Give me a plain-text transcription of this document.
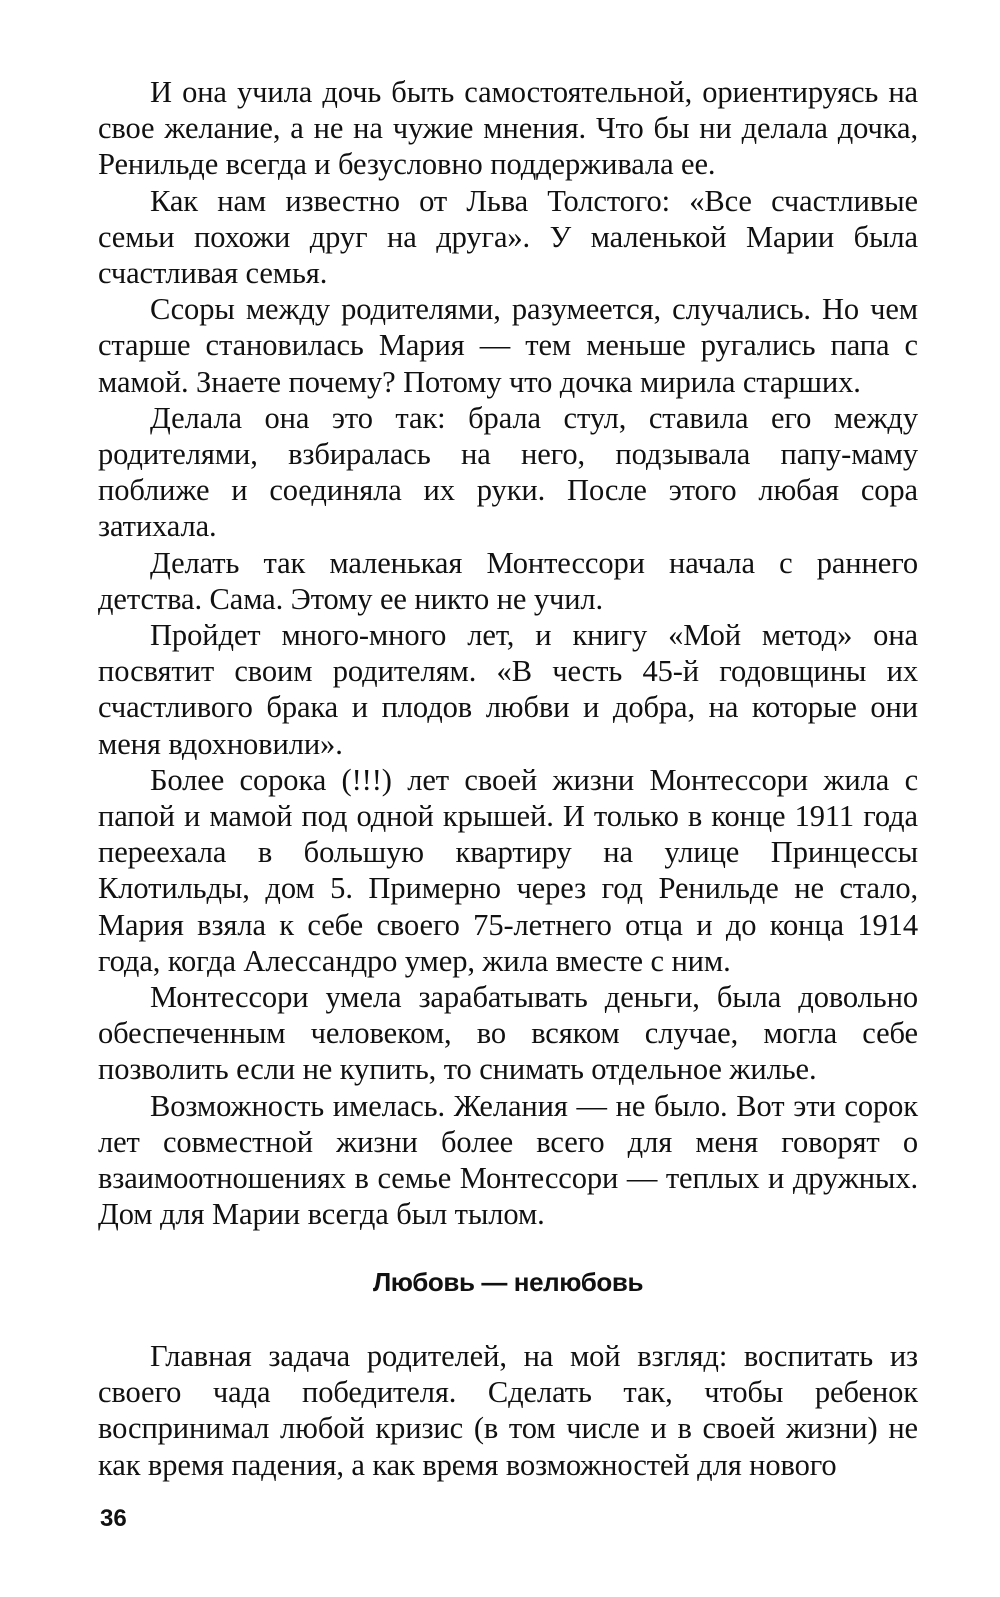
И она учила дочь быть самостоятельной, ориентируясь на свое желание, а не на чужие мнения. Что бы ни делала дочка, Ренильде всегда и безусловно поддерживала ее.

Как нам известно от Льва Толстого: «Все счастливые семьи похожи друг на друга». У маленькой Марии была счастливая семья.

Ссоры между родителями, разумеется, случались. Но чем старше становилась Мария — тем меньше ругались папа с мамой. Знаете почему? Потому что дочка мирила старших.

Делала она это так: брала стул, ставила его между родителями, взбиралась на него, подзывала папу-маму поближе и соединяла их руки. После этого любая сора затихала.

Делать так маленькая Монтессори начала с раннего детства. Сама. Этому ее никто не учил.

Пройдет много-много лет, и книгу «Мой метод» она посвятит своим родителям. «В честь 45-й годовщины их счастливого брака и плодов любви и добра, на которые они меня вдохновили».

Более сорока (!!!) лет своей жизни Монтессори жила с папой и мамой под одной крышей. И только в конце 1911 года переехала в большую квартиру на улице Принцессы Клотильды, дом 5. Примерно через год Ренильде не стало, Мария взяла к себе своего 75-летнего отца и до конца 1914 года, когда Алессандро умер, жила вместе с ним.

Монтессори умела зарабатывать деньги, была довольно обеспеченным человеком, во всяком случае, могла себе позволить если не купить, то снимать отдельное жилье.

Возможность имелась. Желания — не было. Вот эти сорок лет совместной жизни более всего для меня говорят о взаимоотношениях в семье Монтессори — теплых и дружных. Дом для Марии всегда был тылом.

Любовь — нелюбовь

Главная задача родителей, на мой взгляд: воспитать из своего чада победителя. Сделать так, чтобы ребенок воспринимал любой кризис (в том числе и в своей жизни) не как время падения, а как время возможностей для нового

36
